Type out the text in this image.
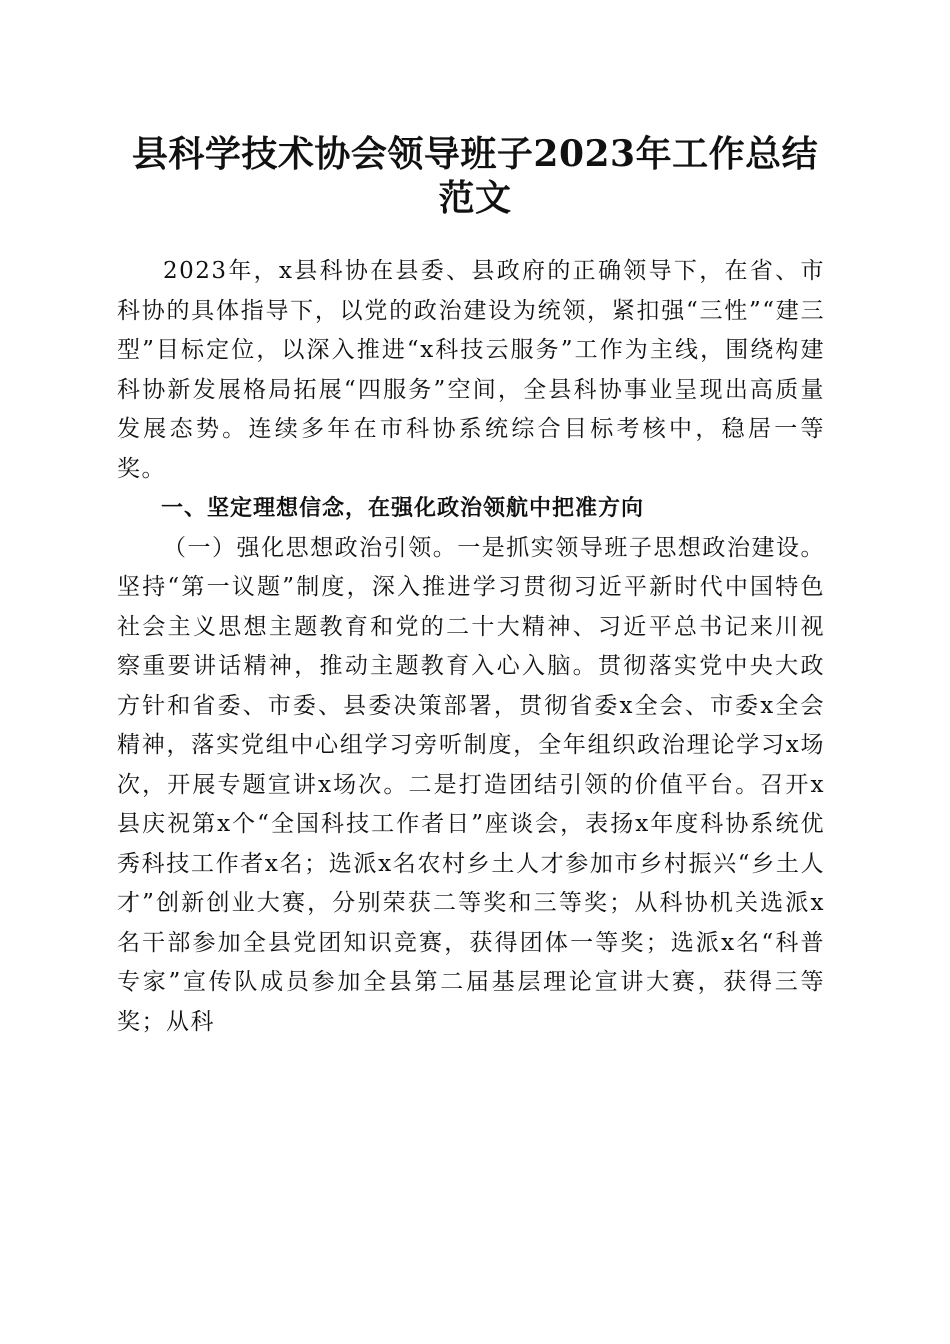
县科学技术协会领导班子2023年工作总结范文

2023年，x县科协在县委、县政府的正确领导下，在省、市科协的具体指导下，以党的政治建设为统领，紧扣强“三性”“建三型”目标定位，以深入推进“x科技云服务”工作为主线，围绕构建科协新发展格局拓展“四服务”空间，全县科协事业呈现出高质量发展态势。连续多年在市科协系统综合目标考核中，稳居一等奖。

一、坚定理想信念，在强化政治领航中把准方向

（一）强化思想政治引领。一是抓实领导班子思想政治建设。坚持“第一议题”制度，深入推进学习贯彻习近平新时代中国特色社会主义思想主题教育和党的二十大精神、习近平总书记来川视察重要讲话精神，推动主题教育入心入脑。贯彻落实党中央大政方针和省委、市委、县委决策部署，贯彻省委x全会、市委x全会精神，落实党组中心组学习旁听制度，全年组织政治理论学习x场次，开展专题宣讲x场次。二是打造团结引领的价值平台。召开x县庆祝第x个“全国科技工作者日”座谈会，表扬x年度科协系统优秀科技工作者x名；选派x名农村乡土人才参加市乡村振兴“乡土人才”创新创业大赛，分别荣获二等奖和三等奖；从科协机关选派x名干部参加全县党团知识竞赛，获得团体一等奖；选派x名“科普专家”宣传队成员参加全县第二届基层理论宣讲大赛，获得三等奖；从科
